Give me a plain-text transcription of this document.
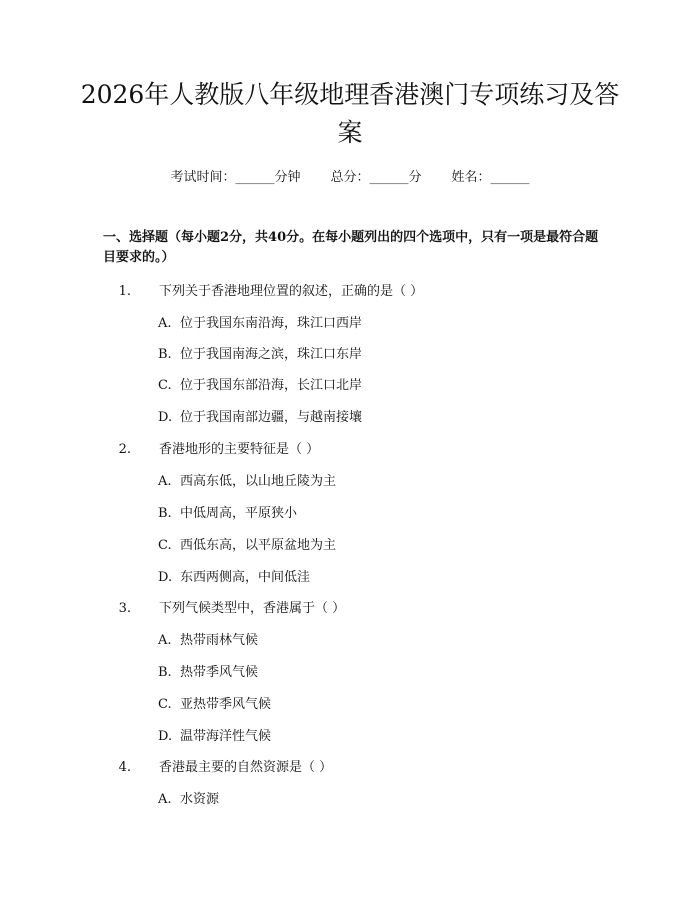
2026年人教版八年级地理香港澳门专项练习及答案
考试时间：______分钟 总分：______分 姓名：______
一、选择题（每小题2分，共40分。在每小题列出的四个选项中，只有一项是最符合题目要求的。）
1. 下列关于香港地理位置的叙述，正确的是（ ）
A. 位于我国东南沿海，珠江口西岸
B. 位于我国南海之滨，珠江口东岸
C. 位于我国东部沿海，长江口北岸
D. 位于我国南部边疆，与越南接壤
2. 香港地形的主要特征是（ ）
A. 西高东低，以山地丘陵为主
B. 中低周高，平原狭小
C. 西低东高，以平原盆地为主
D. 东西两侧高，中间低洼
3. 下列气候类型中，香港属于（ ）
A. 热带雨林气候
B. 热带季风气候
C. 亚热带季风气候
D. 温带海洋性气候
4. 香港最主要的自然资源是（ ）
A. 水资源
